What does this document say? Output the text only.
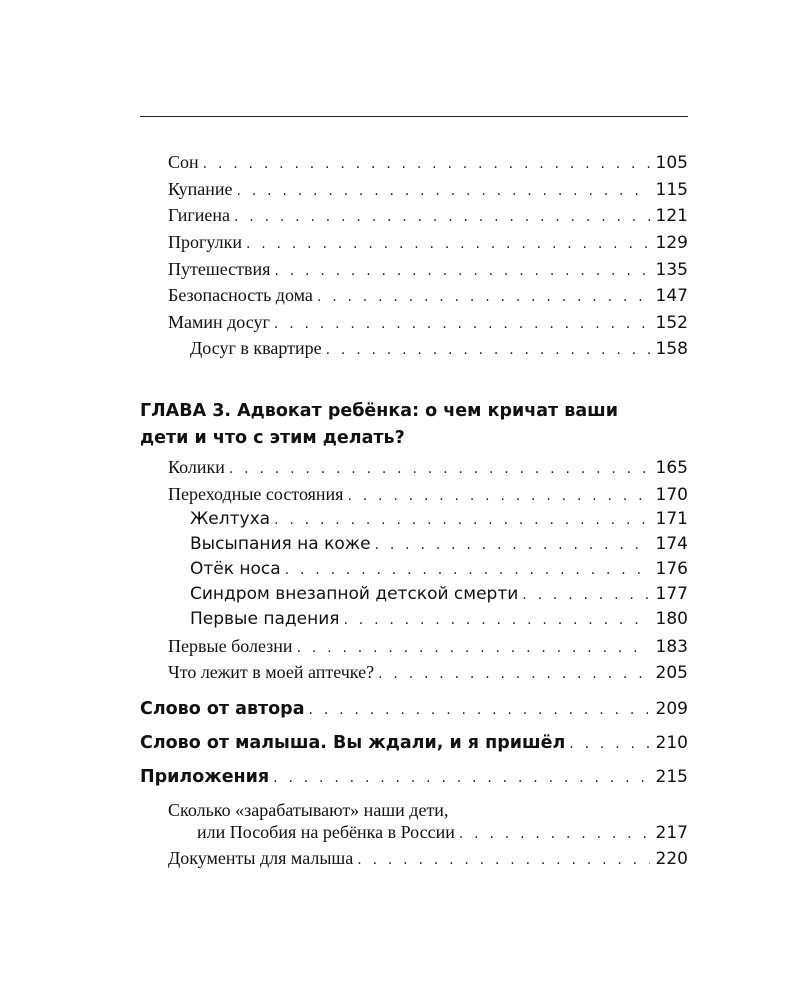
Сон . . .	105
Купание . . .	115
Гигиена . . .	121
Прогулки . . .	129
Путешествия . . .	135
Безопасность дома . . .	147
Мамин досуг . . .	152
Досуг в квартире . . .	158
ГЛАВА 3. Адвокат ребёнка: о чем кричат ваши
дети и что с этим делать?
Колики . . .	165
Переходные состояния . . .	170
Желтуха . . .	171
Высыпания на коже . . .	174
Отёк носа . . .	176
Синдром внезапной детской смерти . . .	177
Первые падения . . .	180
Первые болезни . . .	183
Что лежит в моей аптечке? . . .	205
Слово от автора . . .	209
Слово от малыша. Вы ждали, и я пришёл . . .	210
Приложения . . .	215
Сколько «зарабатывают» наши дети,
или Пособия на ребёнка в России . . .	217
Документы для малыша . . .	220
